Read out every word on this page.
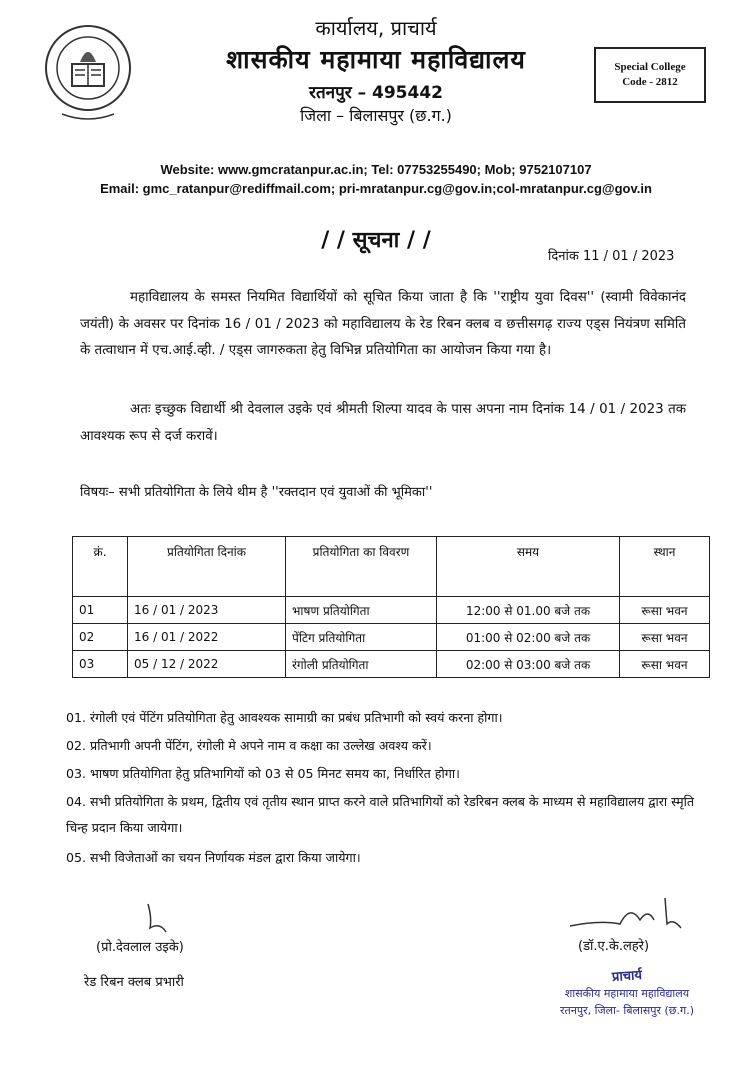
कार्यालय, प्राचार्य
शासकीय महामाया महाविद्यालय
रतनपुर – 495442
जिला – बिलासपुर (छ.ग.)
Special College
Code - 2812
Website: www.gmcratanpur.ac.in; Tel: 07753255490; Mob; 9752107107
Email: gmc_ratanpur@rediffmail.com; pri-mratanpur.cg@gov.in;col-mratanpur.cg@gov.in
/ / सूचना / /
दिनांक 11 / 01 / 2023
महाविद्यालय के समस्त नियमित विद्यार्थियों को सूचित किया जाता है कि ''राष्ट्रीय युवा दिवस'' (स्वामी विवेकानंद जयंती) के अवसर पर दिनांक 16 / 01 / 2023 को महाविद्यालय के रेड रिबन क्लब व छत्तीसगढ़ राज्य एड्स नियंत्रण समिति के तत्वाधान में एच.आई.व्ही. / एड्स जागरुकता हेतु विभिन्न प्रतियोगिता का आयोजन किया गया है।
अतः इच्छुक विद्यार्थी श्री देवलाल उइके एवं श्रीमती शिल्पा यादव के पास अपना नाम दिनांक 14 / 01 / 2023 तक आवश्यक रूप से दर्ज करावें।
विषयः– सभी प्रतियोगिता के लिये थीम है ''रक्तदान एवं युवाओं की भूमिका''
क्रं.	प्रतियोगिता दिनांक	प्रतियोगिता का विवरण	समय	स्थान
01	16 / 01 / 2023	भाषण प्रतियोगिता	12:00 से 01.00 बजे तक	रूसा भवन
02	16 / 01 / 2022	पेंटिग प्रतियोगिता	01:00 से 02:00 बजे तक	रूसा भवन
03	05 / 12 / 2022	रंगोली प्रतियोगिता	02:00 से 03:00 बजे तक	रूसा भवन
01. रंगोली एवं पेंटिंग प्रतियोगिता हेतु आवश्यक सामाग्री का प्रबंध प्रतिभागी को स्वयं करना होगा।
02. प्रतिभागी अपनी पेंटिंग, रंगोली मे अपने नाम व कक्षा का उल्लेख अवश्य करें।
03. भाषण प्रतियोगिता हेतु प्रतिभागियों को 03 से 05 मिनट समय का, निर्धारित होगा।
04. सभी प्रतियोगिता के प्रथम, द्वितीय एवं तृतीय स्थान प्राप्त करने वाले प्रतिभागियों को रेडरिबन क्लब के माध्यम से महाविद्यालय द्वारा स्मृति चिन्ह प्रदान किया जायेगा।
05. सभी विजेताओं का चयन निर्णायक मंडल द्वारा किया जायेगा।
(प्रो.देवलाल उइके)
रेड रिबन क्लब प्रभारी
(डॉ.ए.के.लहरे)
प्राचार्य
शासकीय महामाया महाविद्यालय
रतनपुर, जिला- बिलासपुर (छ.ग.)
